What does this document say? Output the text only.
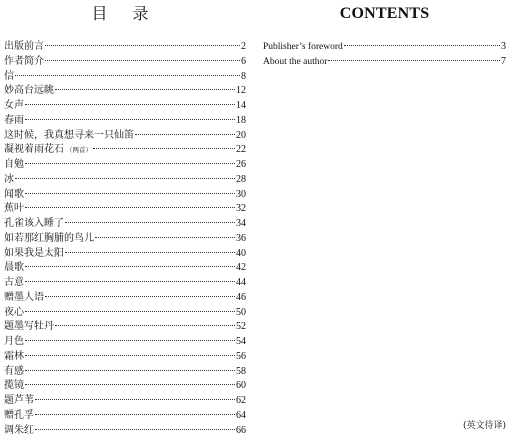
目 录
出版前言	2
作者简介	6
信	8
妙高台远眺	12
女声	14
春雨	18
这时候，我真想寻来一只仙笛	20
凝视着雨花石 （两首）	22
自勉	26
冰	28
闻歌	30
蕉叶	32
孔雀该入睡了	34
如若那红胸脯的鸟儿	36
如果我是太阳	40
晨歌	42
古意	44
赠墨人语	46
夜心	50
题墨写牡丹	52
月色	54
霜林	56
有感	58
揽镜	60
题芦苇	62
赠孔孚	64
调朱红	66
CONTENTS
Publisher’s foreword	3
About the author	7
(英文待译)
